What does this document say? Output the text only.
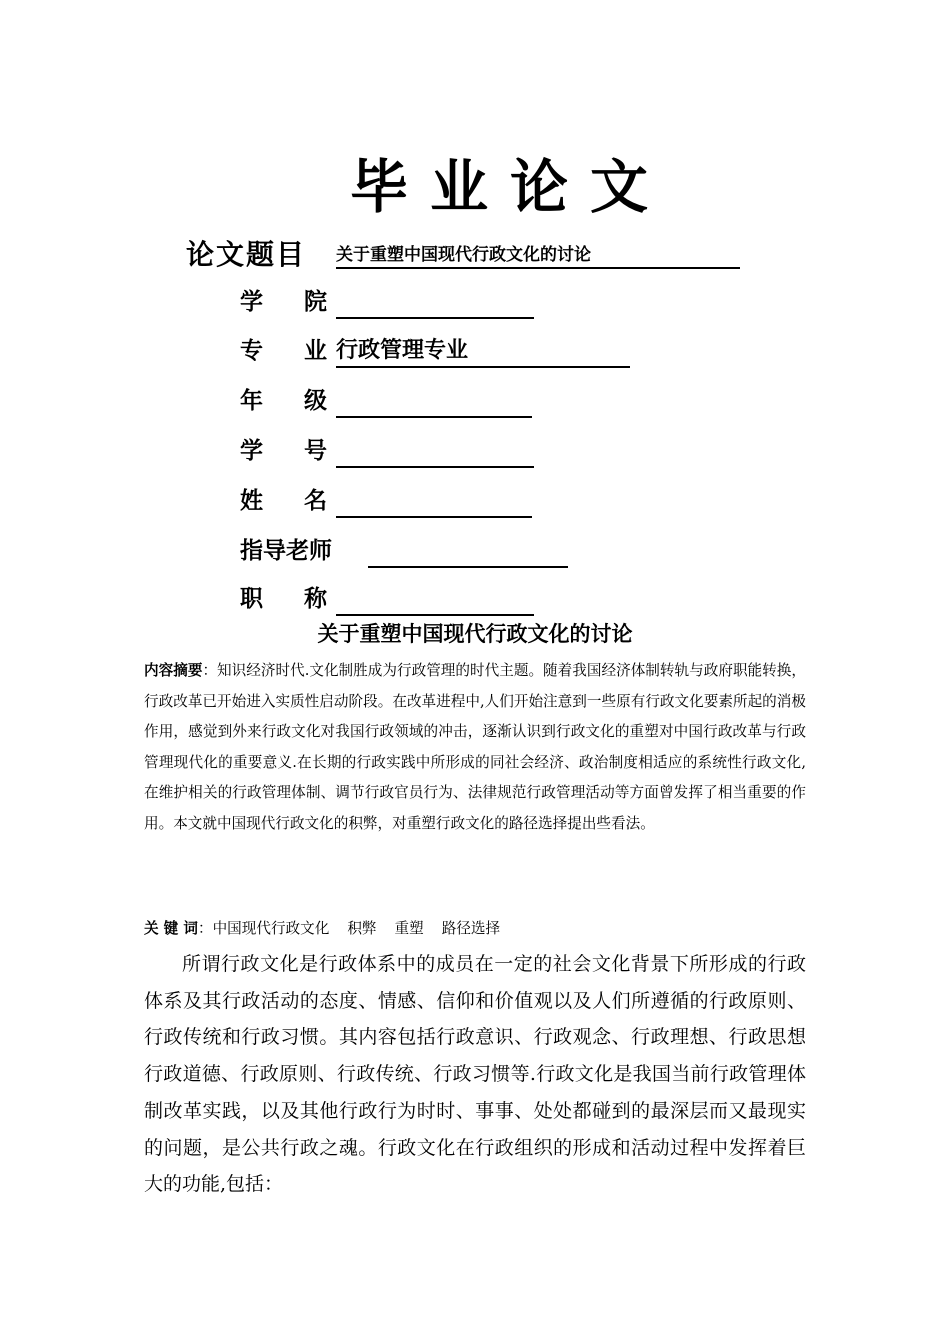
毕业论文
论文题目 关于重塑中国现代行政文化的讨论
学 院
专 业 行政管理专业
年 级
学 号
姓 名
指导老师
职 称
关于重塑中国现代行政文化的讨论
内容摘要：知识经济时代.文化制胜成为行政管理的时代主题。随着我国经济体制转轨与政府职能转换，行政改革已开始进入实质性启动阶段。在改革进程中,人们开始注意到一些原有行政文化要素所起的消极作用，感觉到外来行政文化对我国行政领域的冲击，逐渐认识到行政文化的重塑对中国行政改革与行政管理现代化的重要意义.在长期的行政实践中所形成的同社会经济、政治制度相适应的系统性行政文化,在维护相关的行政管理体制、调节行政官员行为、法律规范行政管理活动等方面曾发挥了相当重要的作用。本文就中国现代行政文化的积弊，对重塑行政文化的路径选择提出些看法。
关 键 词：中国现代行政文化 积弊 重塑 路径选择
所谓行政文化是行政体系中的成员在一定的社会文化背景下所形成的行政体系及其行政活动的态度、情感、信仰和价值观以及人们所遵循的行政原则、行政传统和行政习惯。其内容包括行政意识、行政观念、行政理想、行政思想行政道德、行政原则、行政传统、行政习惯等.行政文化是我国当前行政管理体制改革实践，以及其他行政行为时时、事事、处处都碰到的最深层而又最现实的问题，是公共行政之魂。行政文化在行政组织的形成和活动过程中发挥着巨大的功能,包括：
